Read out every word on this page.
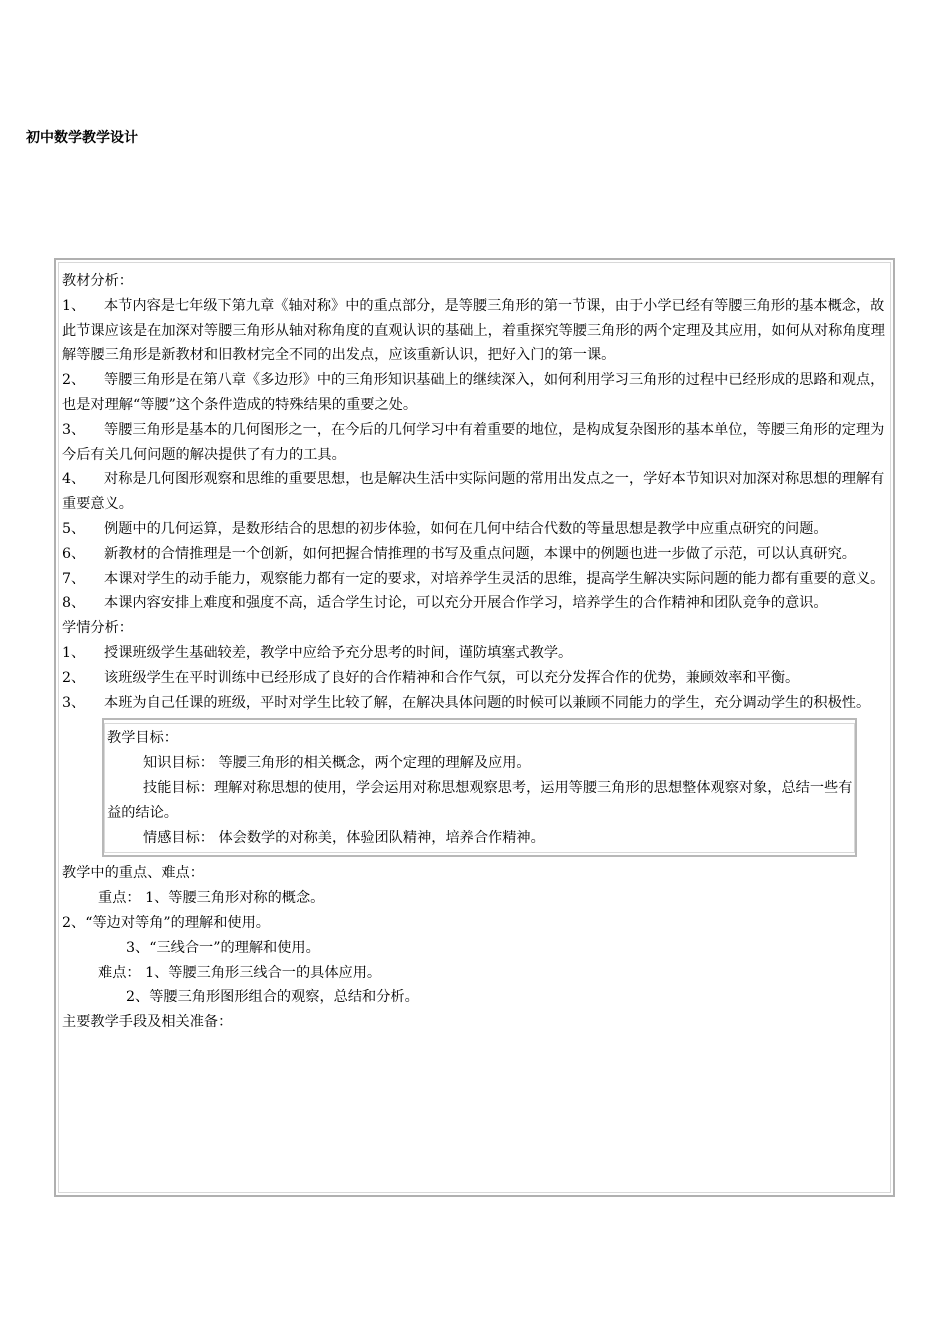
初中数学教学设计
教材分析：
1、 本节内容是七年级下第九章《轴对称》中的重点部分，是等腰三角形的第一节课，由于小学已经有等腰三角形的基本概念，故此节课应该是在加深对等腰三角形从轴对称角度的直观认识的基础上，着重探究等腰三角形的两个定理及其应用，如何从对称角度理解等腰三角形是新教材和旧教材完全不同的出发点，应该重新认识，把好入门的第一课。
2、 等腰三角形是在第八章《多边形》中的三角形知识基础上的继续深入，如何利用学习三角形的过程中已经形成的思路和观点，也是对理解“等腰”这个条件造成的特殊结果的重要之处。
3、 等腰三角形是基本的几何图形之一，在今后的几何学习中有着重要的地位，是构成复杂图形的基本单位，等腰三角形的定理为今后有关几何问题的解决提供了有力的工具。
4、 对称是几何图形观察和思维的重要思想，也是解决生活中实际问题的常用出发点之一，学好本节知识对加深对称思想的理解有重要意义。
5、 例题中的几何运算，是数形结合的思想的初步体验，如何在几何中结合代数的等量思想是教学中应重点研究的问题。
6、 新教材的合情推理是一个创新，如何把握合情推理的书写及重点问题，本课中的例题也进一步做了示范，可以认真研究。
7、 本课对学生的动手能力，观察能力都有一定的要求，对培养学生灵活的思维，提高学生解决实际问题的能力都有重要的意义。
8、 本课内容安排上难度和强度不高，适合学生讨论，可以充分开展合作学习，培养学生的合作精神和团队竞争的意识。
学情分析：
1、 授课班级学生基础较差，教学中应给予充分思考的时间，谨防填塞式教学。
2、 该班级学生在平时训练中已经形成了良好的合作精神和合作气氛，可以充分发挥合作的优势，兼顾效率和平衡。
3、 本班为自己任课的班级，平时对学生比较了解，在解决具体问题的时候可以兼顾不同能力的学生，充分调动学生的积极性。
教学目标：
知识目标： 等腰三角形的相关概念，两个定理的理解及应用。
技能目标：理解对称思想的使用，学会运用对称思想观察思考，运用等腰三角形的思想整体观察对象，总结一些有益的结论。
情感目标： 体会数学的对称美，体验团队精神，培养合作精神。
教学中的重点、难点：
重点： 1、等腰三角形对称的概念。
2、“等边对等角”的理解和使用。
3、“三线合一”的理解和使用。
难点： 1、等腰三角形三线合一的具体应用。
2、等腰三角形图形组合的观察，总结和分析。
主要教学手段及相关准备：
